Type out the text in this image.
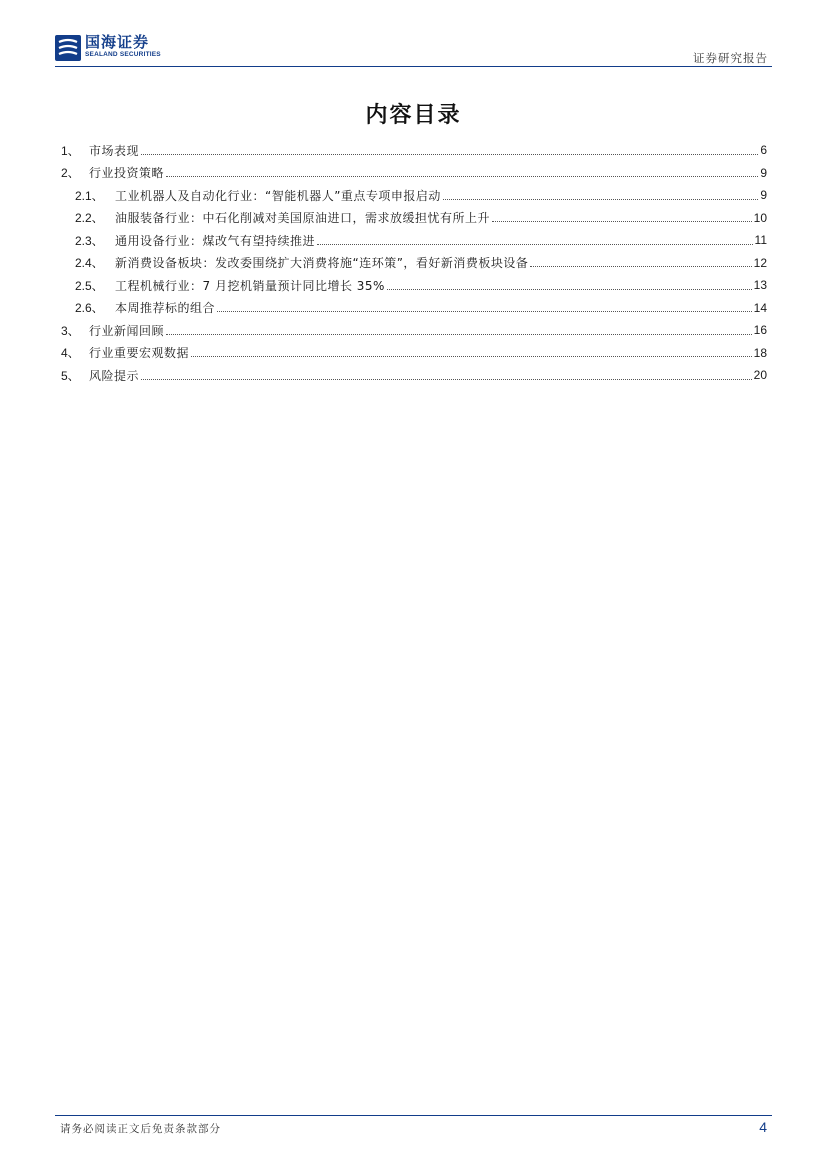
国海证券
SEALAND SECURITIES	证券研究报告
内容目录
1、 市场表现	6
2、 行业投资策略	9
2.1、 工业机器人及自动化行业：“智能机器人”重点专项申报启动	9
2.2、 油服装备行业：中石化削减对美国原油进口，需求放缓担忧有所上升	10
2.3、 通用设备行业：煤改气有望持续推进	11
2.4、 新消费设备板块：发改委围绕扩大消费将施“连环策”，看好新消费板块设备	12
2.5、 工程机械行业：7 月挖机销量预计同比增长 35%	13
2.6、 本周推荐标的组合	14
3、 行业新闻回顾	16
4、 行业重要宏观数据	18
5、 风险提示	20
请务必阅读正文后免责条款部分	4
